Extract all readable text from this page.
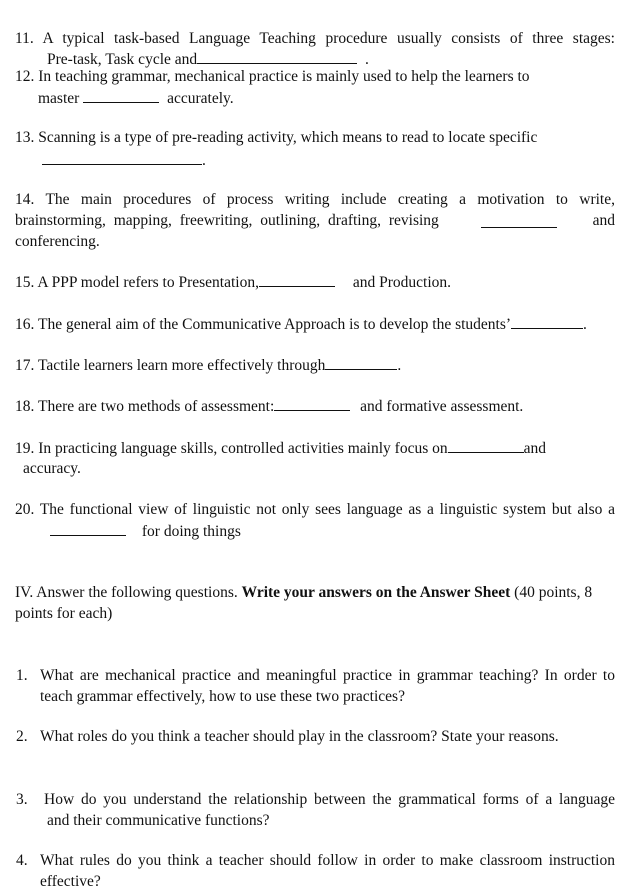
11. A typical task-based Language Teaching procedure usually consists of three stages:
Pre-task, Task cycle and	.
12. In teaching grammar, mechanical practice is mainly used to help the learners to
master	accurately.
13. Scanning is a type of pre-reading activity, which means to read to locate specific
.
14. The main procedures of process writing include creating a motivation to write,
brainstorming, mapping, freewriting, outlining, drafting, revising	and
conferencing.
15. A PPP model refers to Presentation,	and Production.
16. The general aim of the Communicative Approach is to develop the students’	.
17. Tactile learners learn more effectively through	.
18. There are two methods of assessment:	and formative assessment.
19. In practicing language skills, controlled activities mainly focus on	and
accuracy.
20. The functional view of linguistic not only sees language as a linguistic system but also a
for doing things
IV. Answer the following questions. Write your answers on the Answer Sheet (40 points, 8
points for each)
1. What are mechanical practice and meaningful practice in grammar teaching? In order to
teach grammar effectively, how to use these two practices?
2. What roles do you think a teacher should play in the classroom? State your reasons.
3. How do you understand the relationship between the grammatical forms of a language
and their communicative functions?
4. What rules do you think a teacher should follow in order to make classroom instruction
effective?
